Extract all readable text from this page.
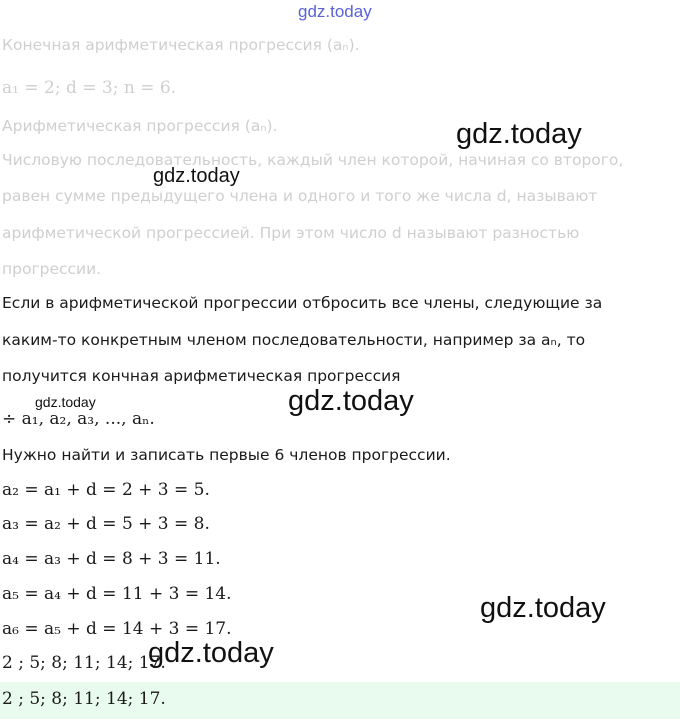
gdz.today
Конечная арифметическая прогрессия (aₙ).
a₁ = 2; d = 3; n = 6.
Арифметическая прогрессия (aₙ).
Числовую последовательность, каждый член которой, начиная со второго,
равен сумме предыдущего члена и одного и того же числа d, называют
арифметической прогрессией. При этом число d называют разностью
прогрессии.
Если в арифметической прогрессии отбросить все члены, следующие за
каким-то конкретным членом последовательности, например за aₙ, то
получится кончная арифметическая прогрессия
÷ a₁, a₂, a₃, ..., aₙ.
Нужно найти и записать первые 6 членов прогрессии.
a₂ = a₁ + d = 2 + 3 = 5.
a₃ = a₂ + d = 5 + 3 = 8.
a₄ = a₃ + d = 8 + 3 = 11.
a₅ = a₄ + d = 11 + 3 = 14.
a₆ = a₅ + d = 14 + 3 = 17.
2 ; 5; 8; 11; 14; 17.
2 ; 5; 8; 11; 14; 17.
gdz.today
gdz.today
gdz.today	gdz.today
gdz.today
gdz.today
